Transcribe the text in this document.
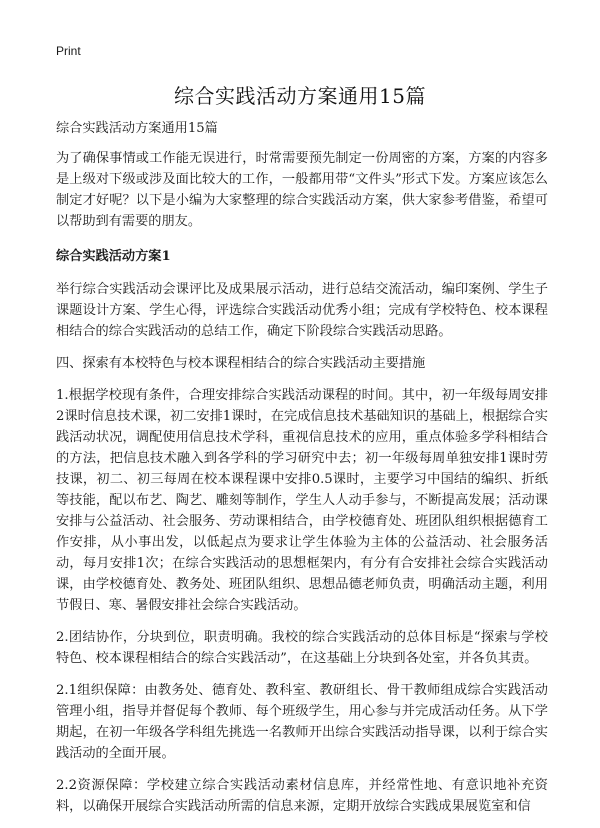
Print
综合实践活动方案通用15篇

综合实践活动方案通用15篇

为了确保事情或工作能无误进行，时常需要预先制定一份周密的方案，方案的内容多是上级对下级或涉及面比较大的工作，一般都用带“文件头”形式下发。方案应该怎么制定才好呢？以下是小编为大家整理的综合实践活动方案，供大家参考借鉴，希望可以帮助到有需要的朋友。

综合实践活动方案1

举行综合实践活动会课评比及成果展示活动，进行总结交流活动，编印案例、学生子课题设计方案、学生心得，评选综合实践活动优秀小组；完成有学校特色、校本课程相结合的综合实践活动的总结工作，确定下阶段综合实践活动思路。

四、探索有本校特色与校本课程相结合的综合实践活动主要措施

1.根据学校现有条件，合理安排综合实践活动课程的时间。其中，初一年级每周安排2课时信息技术课，初二安排1课时，在完成信息技术基础知识的基础上，根据综合实践活动状况，调配使用信息技术学科，重视信息技术的应用，重点体验多学科相结合的方法，把信息技术融入到各学科的学习研究中去；初一年级每周单独安排1课时劳技课，初二、初三每周在校本课程课中安排0.5课时，主要学习中国结的编织、折纸等技能，配以布艺、陶艺、雕刻等制作，学生人人动手参与，不断提高发展；活动课安排与公益活动、社会服务、劳动课相结合，由学校德育处、班团队组织根据德育工作安排，从小事出发，以低起点为要求让学生体验为主体的公益活动、社会服务活动，每月安排1次；在综合实践活动的思想框架内，有分有合安排社会综合实践活动课，由学校德育处、教务处、班团队组织、思想品德老师负责，明确活动主题，利用节假日、寒、暑假安排社会综合实践活动。

2.团结协作，分块到位，职责明确。我校的综合实践活动的总体目标是“探索与学校特色、校本课程相结合的综合实践活动”，在这基础上分块到各处室，并各负其责。

2.1组织保障：由教务处、德育处、教科室、教研组长、骨干教师组成综合实践活动管理小组，指导并督促每个教师、每个班级学生，用心参与并完成活动任务。从下学期起，在初一年级各学科组先挑选一名教师开出综合实践活动指导课，以利于综合实践活动的全面开展。

2.2资源保障：学校建立综合实践活动素材信息库，并经常性地、有意识地补充资料，以确保开展综合实践活动所需的信息来源，定期开放综合实践成果展览室和信
